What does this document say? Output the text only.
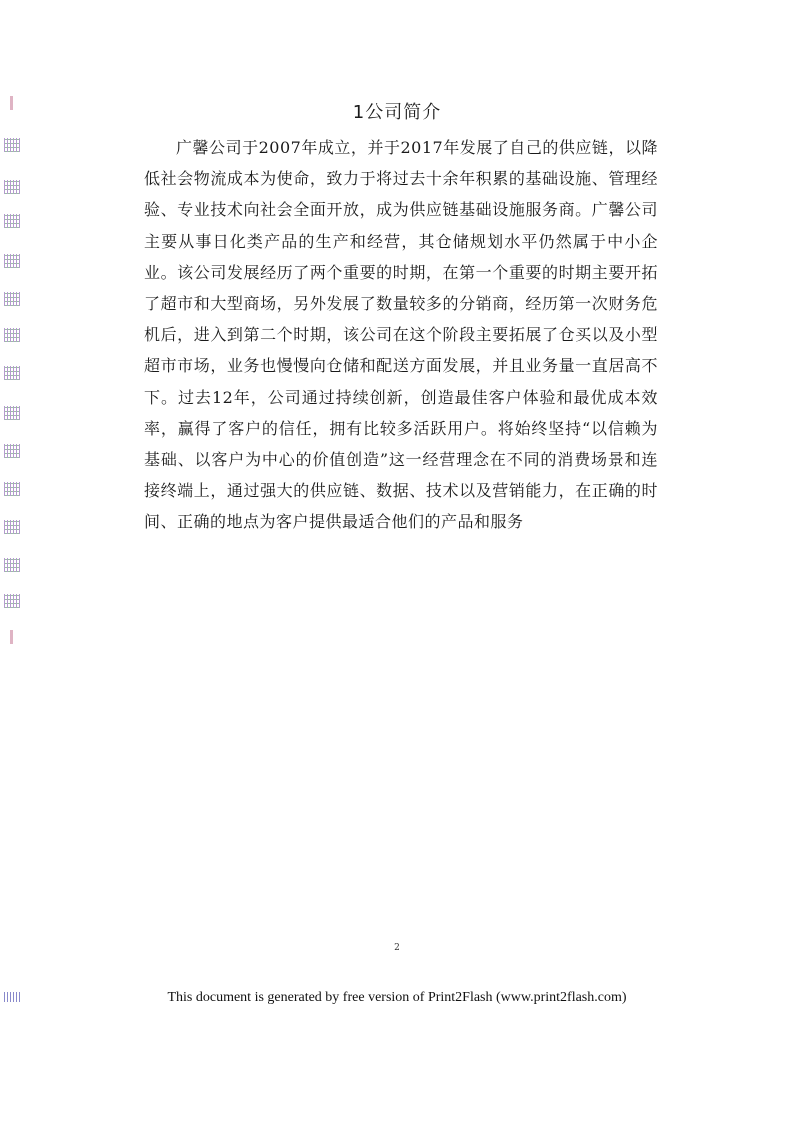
1公司简介
广馨公司于2007年成立，并于2017年发展了自己的供应链，以降低社会物流成本为使命，致力于将过去十余年积累的基础设施、管理经验、专业技术向社会全面开放，成为供应链基础设施服务商。广馨公司主要从事日化类产品的生产和经营，其仓储规划水平仍然属于中小企业。该公司发展经历了两个重要的时期，在第一个重要的时期主要开拓了超市和大型商场，另外发展了数量较多的分销商，经历第一次财务危机后，进入到第二个时期，该公司在这个阶段主要拓展了仓买以及小型超市市场，业务也慢慢向仓储和配送方面发展，并且业务量一直居高不下。过去12年，公司通过持续创新，创造最佳客户体验和最优成本效率，赢得了客户的信任，拥有比较多活跃用户。将始终坚持“以信赖为基础、以客户为中心的价值创造”这一经营理念在不同的消费场景和连接终端上，通过强大的供应链、数据、技术以及营销能力，在正确的时间、正确的地点为客户提供最适合他们的产品和服务
2
This document is generated by free version of Print2Flash (www.print2flash.com)
